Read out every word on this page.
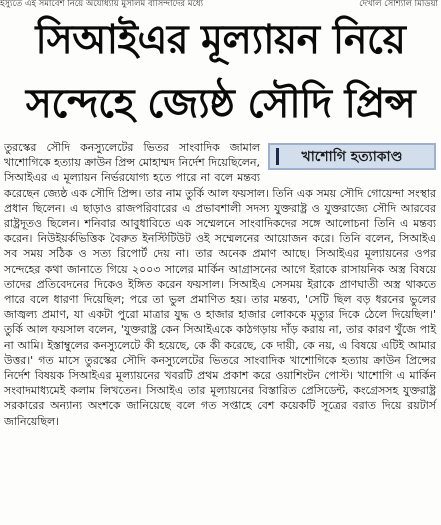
ইস্যুতে এই সমাবেশ নিয়ে অযোধ্যায় মুসলিম বাসিন্দাদের মধ্যে	দেখাল সোশ্যাল মিডিয়া
সিআইএর মূল্যায়ন নিয়ে
সন্দেহে জ্যেষ্ঠ সৌদি প্রিন্স
খাশোগি হত্যাকাণ্ড

তুরস্কের সৌদি কনস্যুলেটের ভিতর সাংবাদিক জামাল খাশোগিকে হত্যায় ক্রাউন প্রিন্স মোহাম্মদ নির্দেশ দিয়েছিলেন, সিআইএর এ মূল্যায়ন নির্ভরযোগ্য হতে পারে না বলে মন্তব্য করেছেন জ্যেষ্ঠ এক সৌদি প্রিন্স। তার নাম তুর্কি আল ফয়সাল। তিনি এক সময় সৌদি গোয়েন্দা সংস্থার প্রধান ছিলেন। এ ছাড়াও রাজপরিবারের এ প্রভাবশালী সদস্য যুক্তরাষ্ট্র ও যুক্তরাজ্যে সৌদি আরবের রাষ্ট্রদূতও ছিলেন। শনিবার আবুধাবিতে এক সম্মেলনে সাংবাদিকদের সঙ্গে আলোচনা তিনি এ মন্তব্য করেন। নিউইয়র্কভিত্তিক বৈরুত ইনস্টিটিউট ওই সম্মেলনের আয়োজন করে। তিনি বলেন, সিআইএ সব সময় সঠিক ও সত্য রিপোর্ট দেয় না। তার অনেক প্রমাণ আছে। সিআইএর মূল্যায়নের ওপর সন্দেহের কথা জানাতে গিয়ে ২০০৩ সালের মার্কিন আগ্রাসনের আগে ইরাকে রাসায়নিক অস্ত্র বিষয়ে তাদের প্রতিবেদনের দিকেও ইঙ্গিত করেন ফয়সাল। সিআইএ সেসময় ইরাকে প্রাণঘাতী অস্ত্র থাকতে পারে বলে ধারণা দিয়েছিল; পরে তা ভুল প্রমাণিত হয়। তার মন্তব্য, 'সেটি ছিল বড় ধরনের ভুলের জাজ্বল্য প্রমাণ, যা একটা পুরো মাত্রার যুদ্ধ ও হাজার হাজার লোককে মৃত্যুর দিকে ঠেলে দিয়েছিল।' তুর্কি আল ফয়সাল বলেন, 'যুক্তরাষ্ট্র কেন সিআইএকে কাঠগড়ায় দাঁড় করায় না, তার কারণ খুঁজে পাই না আমি। ইস্তাম্বুলের কনস্যুলেটে কী হয়েছে, কে কী করেছে, কে দায়ী, কে নয়, এ বিষয়ে এটিই আমার উত্তর।' গত মাসে তুরস্কের সৌদি কনস্যুলেটের ভিতরে সাংবাদিক খাশোগিকে হত্যায় ক্রাউন প্রিন্সের নির্দেশ বিষয়ক সিআইএর মূল্যায়নের খবরটি প্রথম প্রকাশ করে ওয়াশিংটন পোস্ট। খাশোগি এ মার্কিন সংবাদমাধ্যমেই কলাম লিখতেন। সিআইএ তার মূল্যায়নের বিস্তারিত প্রেসিডেন্ট, কংগ্রেসসহ যুক্তরাষ্ট্র সরকারের অন্যান্য অংশকে জানিয়েছে বলে গত সপ্তাহে বেশ কয়েকটি সূত্রের বরাত দিয়ে রয়টার্স জানিয়েছিল।
